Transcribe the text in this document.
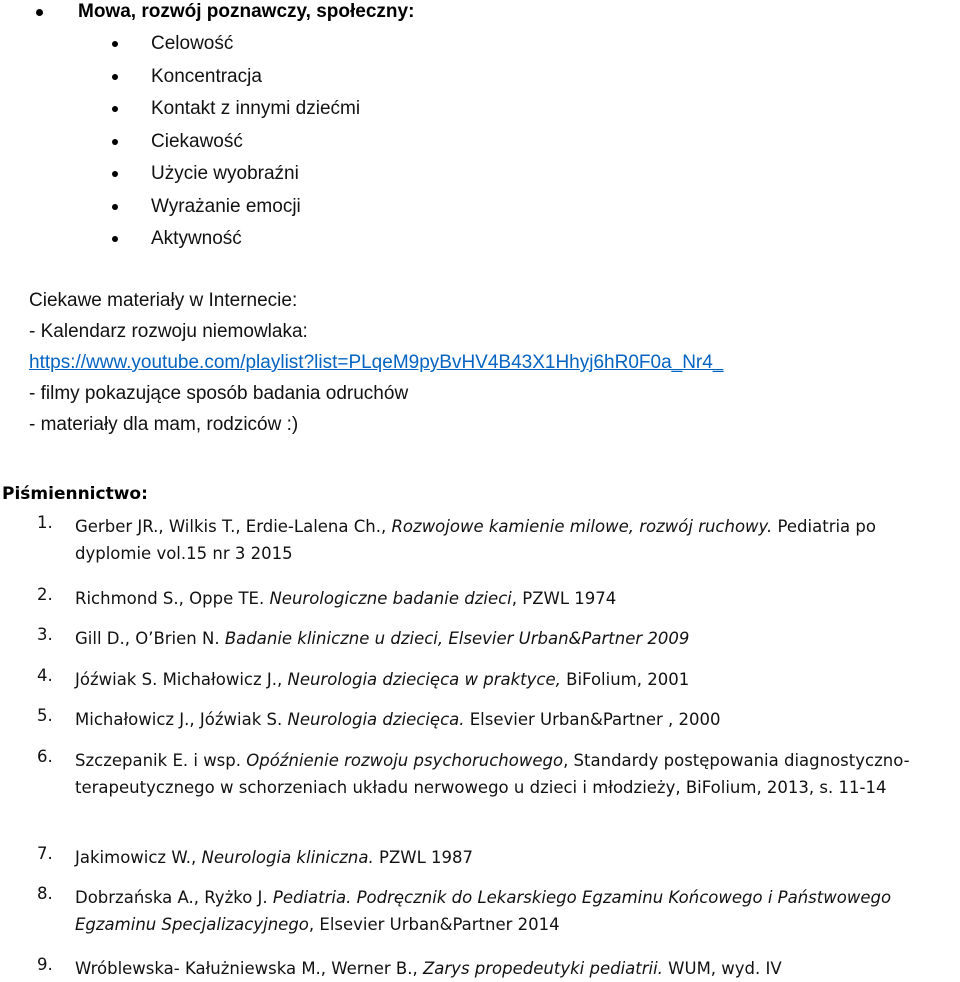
Mowa, rozwój poznawczy, społeczny:
Celowość
Koncentracja
Kontakt z innymi dziećmi
Ciekawość
Użycie wyobraźni
Wyrażanie emocji
Aktywność
Ciekawe materiały w Internecie:
- Kalendarz rozwoju niemowlaka:
https://www.youtube.com/playlist?list=PLqeM9pyBvHV4B43X1Hhyj6hR0F0a_Nr4_
- filmy pokazujące sposób badania odruchów
- materiały dla mam, rodziców :)
Piśmiennictwo:
1. Gerber JR., Wilkis T., Erdie-Lalena Ch., Rozwojowe kamienie milowe, rozwój ruchowy. Pediatria po dyplomie vol.15 nr 3 2015
2. Richmond S., Oppe TE. Neurologiczne badanie dzieci, PZWL 1974
3. Gill D., O’Brien N. Badanie kliniczne u dzieci, Elsevier Urban&Partner 2009
4. Jóźwiak S. Michałowicz J., Neurologia dziecięca w praktyce, BiFolium, 2001
5. Michałowicz J., Jóźwiak S. Neurologia dziecięca. Elsevier Urban&Partner , 2000
6. Szczepanik E. i wsp. Opóźnienie rozwoju psychoruchowego, Standardy postępowania diagnostyczno-terapeutycznego w schorzeniach układu nerwowego u dzieci i młodzieży, BiFolium, 2013, s. 11-14
7. Jakimowicz W., Neurologia kliniczna. PZWL 1987
8. Dobrzańska A., Ryżko J. Pediatria. Podręcznik do Lekarskiego Egzaminu Końcowego i Państwowego Egzaminu Specjalizacyjnego, Elsevier Urban&Partner 2014
9. Wróblewska- Kałużniewska M., Werner B., Zarys propedeutyki pediatrii. WUM, wyd. IV
